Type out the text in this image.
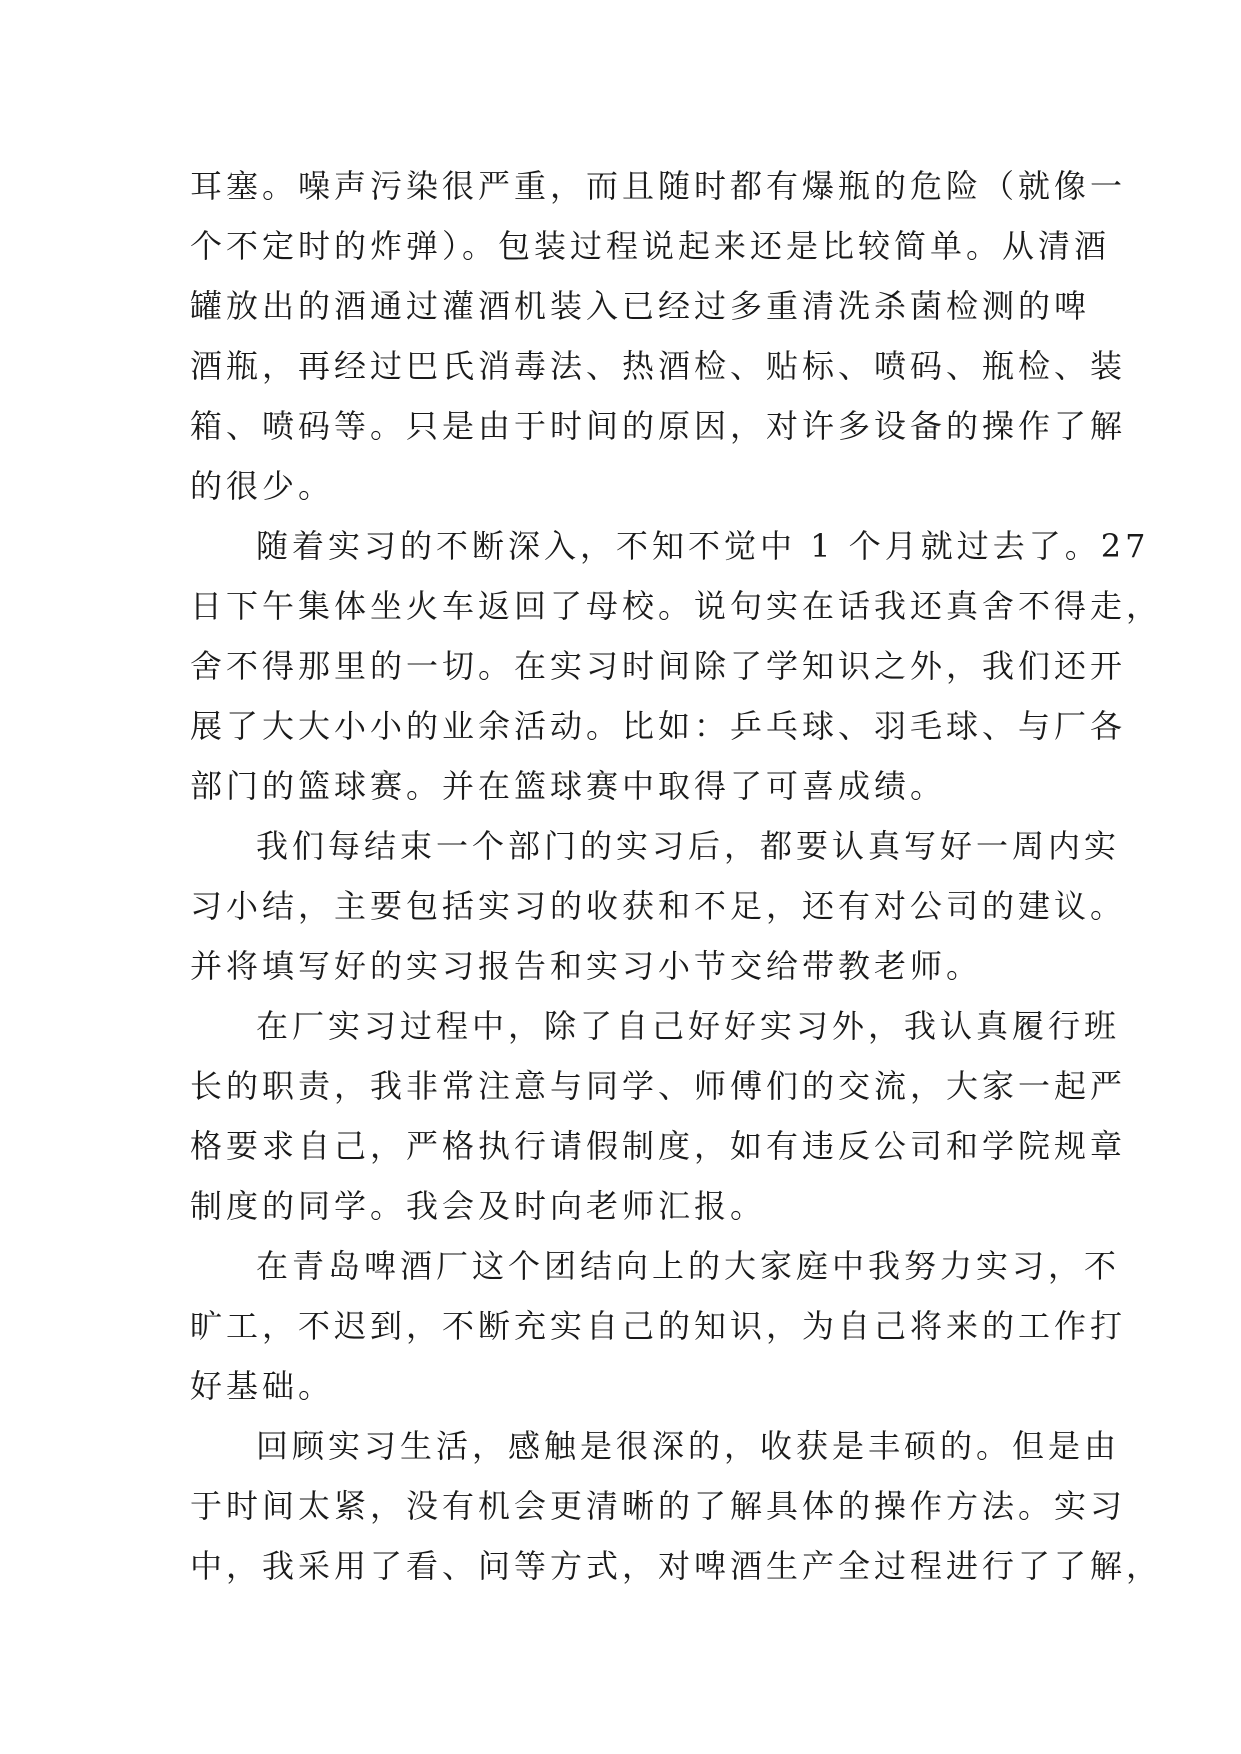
耳塞。噪声污染很严重，而且随时都有爆瓶的危险（就像一
个不定时的炸弹）。包装过程说起来还是比较简单。从清酒
罐放出的酒通过灌酒机装入已经过多重清洗杀菌检测的啤
酒瓶，再经过巴氏消毒法、热酒检、贴标、喷码、瓶检、装
箱、喷码等。只是由于时间的原因，对许多设备的操作了解
的很少。
随着实习的不断深入，不知不觉中 1 个月就过去了。27
日下午集体坐火车返回了母校。说句实在话我还真舍不得走，
舍不得那里的一切。在实习时间除了学知识之外，我们还开
展了大大小小的业余活动。比如：乒乓球、羽毛球、与厂各
部门的篮球赛。并在篮球赛中取得了可喜成绩。
我们每结束一个部门的实习后，都要认真写好一周内实
习小结，主要包括实习的收获和不足，还有对公司的建议。
并将填写好的实习报告和实习小节交给带教老师。
在厂实习过程中，除了自己好好实习外，我认真履行班
长的职责，我非常注意与同学、师傅们的交流，大家一起严
格要求自己，严格执行请假制度，如有违反公司和学院规章
制度的同学。我会及时向老师汇报。
在青岛啤酒厂这个团结向上的大家庭中我努力实习，不
旷工，不迟到，不断充实自己的知识，为自己将来的工作打
好基础。
回顾实习生活，感触是很深的，收获是丰硕的。但是由
于时间太紧，没有机会更清晰的了解具体的操作方法。实习
中，我采用了看、问等方式，对啤酒生产全过程进行了了解，
